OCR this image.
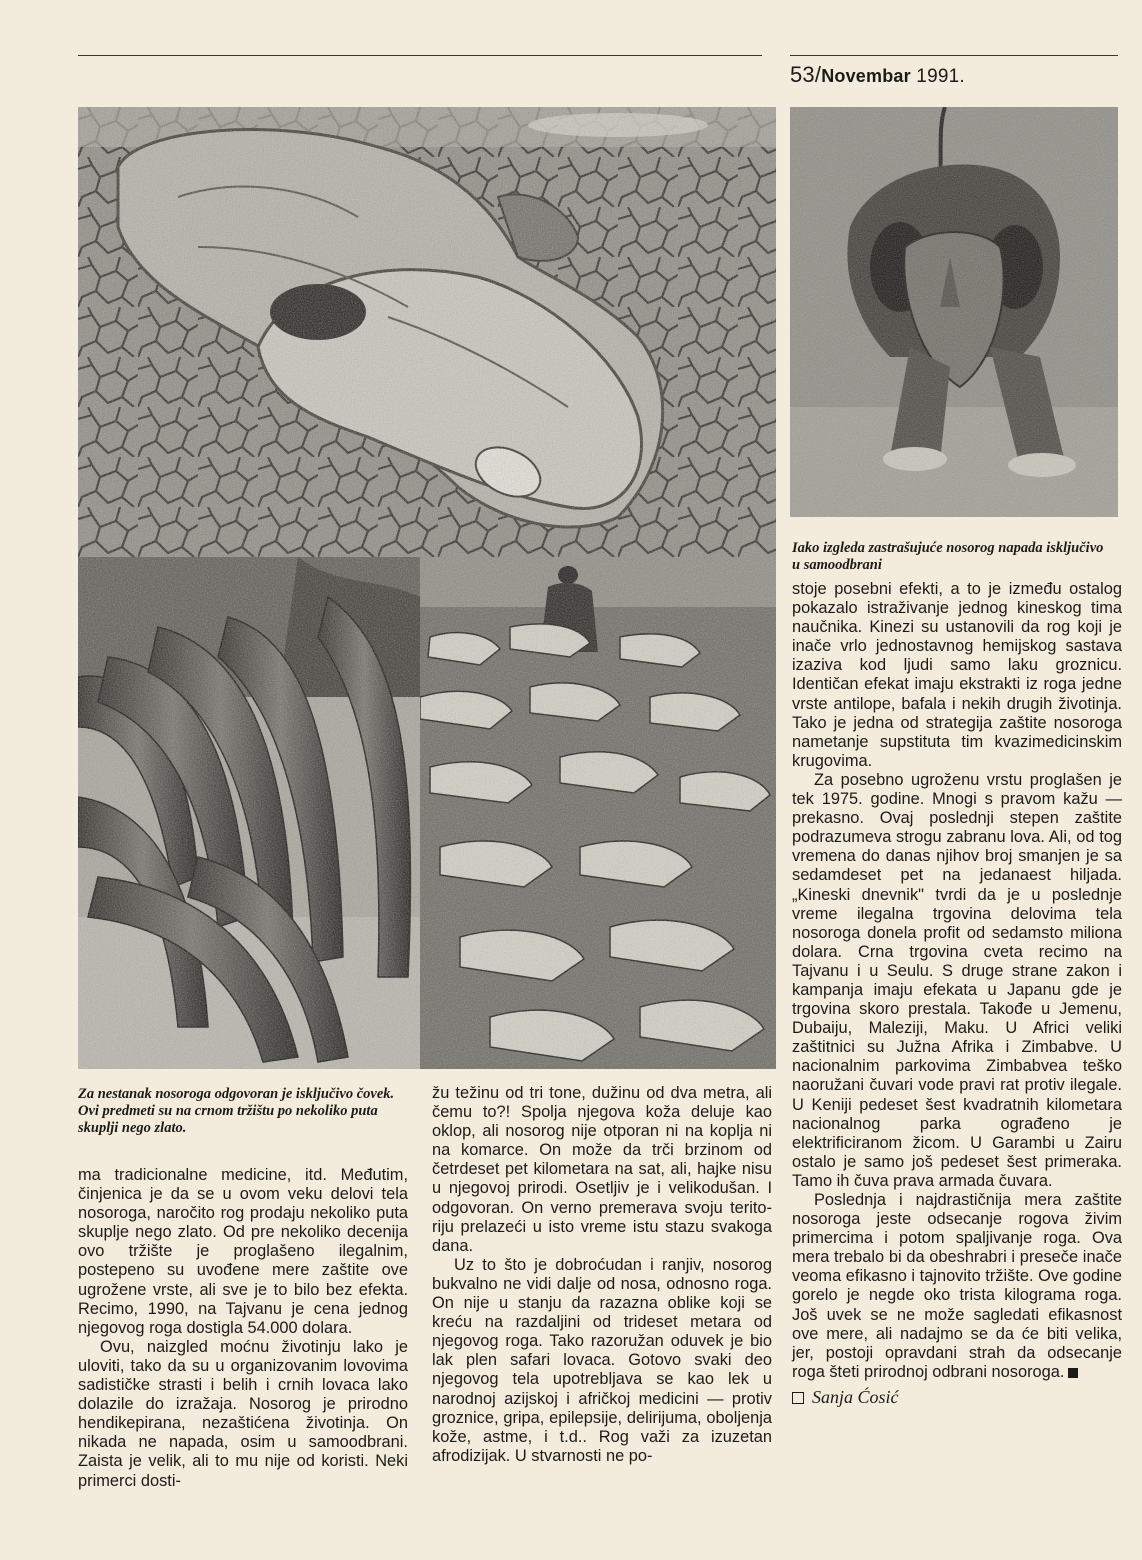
53/Novembar 1991.
Za nestanak nosoroga odgovoran je isključivo čovek. Ovi predmeti su na crnom tržištu po nekoliko puta skuplji nego zlato.
Iako izgleda zastrašujuće nosorog napada isključivo u samoodbrani

ma tradicionalne medicine, itd. Međutim, činjenica je da se u ovom veku delovi tela nosoroga, naročito rog prodaju nekoliko puta skuplje nego zlato. Od pre nekoliko decenija ovo tržište je proglašeno ilegalnim, postepeno su uvođene mere zaštite ove ugrožene vrste, ali sve je to bilo bez efekta. Recimo, 1990, na Tajvanu je cena jednog njegovog roga dostigla 54.000 dolara.

Ovu, naizgled moćnu životinju lako je uloviti, tako da su u organizovanim lovovima sadističke strasti i belih i crnih lovaca lako dolazile do izražaja. Nosorog je prirodno hendikepirana, nezaštićena životinja. On nikada ne napada, osim u samoodbrani. Zaista je velik, ali to mu nije od koristi. Neki primerci dosti-

žu težinu od tri tone, dužinu od dva metra, ali čemu to?! Spolja njegova koža deluje kao oklop, ali nosorog nije otporan ni na koplja ni na komarce. On može da trči brzinom od četrdeset pet kilometara na sat, ali, hajke nisu u njegovoj prirodi. Osetljiv je i velikodušan. I odgovoran. On verno premerava svoju teritoriju prelazeći u isto vreme istu stazu svakoga dana.

Uz to što je dobroćudan i ranjiv, nosorog bukvalno ne vidi dalje od nosa, odnosno roga. On nije u stanju da razazna oblike koji se kreću na razdaljini od trideset metara od njegovog roga. Tako razoružan oduvek je bio lak plen safari lovaca. Gotovo svaki deo njegovog tela upotrebljava se kao lek u narodnoj azijskoj i afričkoj medicini — protiv groznice, gripa, epilepsije, delirijuma, oboljenja kože, astme, i t.d.. Rog važi za izuzetan afrodizijak. U stvarnosti ne po-

stoje posebni efekti, a to je između ostalog pokazalo istraživanje jednog kineskog tima naučnika. Kinezi su ustanovili da rog koji je inače vrlo jednostavnog hemijskog sastava izaziva kod ljudi samo laku groznicu. Identičan efekat imaju ekstrakti iz roga jedne vrste antilope, bafala i nekih drugih životinja. Tako je jedna od strategija zaštite nosoroga nametanje supstituta tim kvazimedicinskim krugovima.

Za posebno ugroženu vrstu proglašen je tek 1975. godine. Mnogi s pravom kažu — prekasno. Ovaj poslednji stepen zaštite podrazumeva strogu zabranu lova. Ali, od tog vremena do danas njihov broj smanjen je sa sedamdeset pet na jedanaest hiljada. „Kineski dnevnik" tvrdi da je u poslednje vreme ilegalna trgovina delovima tela nosoroga donela profit od sedamsto miliona dolara. Crna trgovina cveta recimo na Tajvanu i u Seulu. S druge strane zakon i kampanja imaju efekata u Japanu gde je trgovina skoro prestala. Takođe u Jemenu, Dubaiju, Maleziji, Maku. U Africi veliki zaštitnici su Južna Afrika i Zimbabve. U nacionalnim parkovima Zimbabvea teško naoružani čuvari vode pravi rat protiv ilegale. U Keniji pedeset šest kvadratnih kilometara nacionalnog parka ograđeno je elektrificiranom žicom. U Garambi u Zairu ostalo je samo još pedeset šest primeraka. Tamo ih čuva prava armada čuvara.

Poslednja i najdrastičnija mera zaštite nosoroga jeste odsecanje rogova živim primercima i potom spaljivanje roga. Ova mera trebalo bi da obeshrabri i preseče inače veoma efikasno i tajnovito tržište. Ove godine gorelo je negde oko trista kilograma roga. Još uvek se ne može sagledati efikasnost ove mere, ali nadajmo se da će biti velika, jer, postoji opravdani strah da odsecanje roga šteti prirodnoj odbrani nosoroga.

Sanja Ćosić
